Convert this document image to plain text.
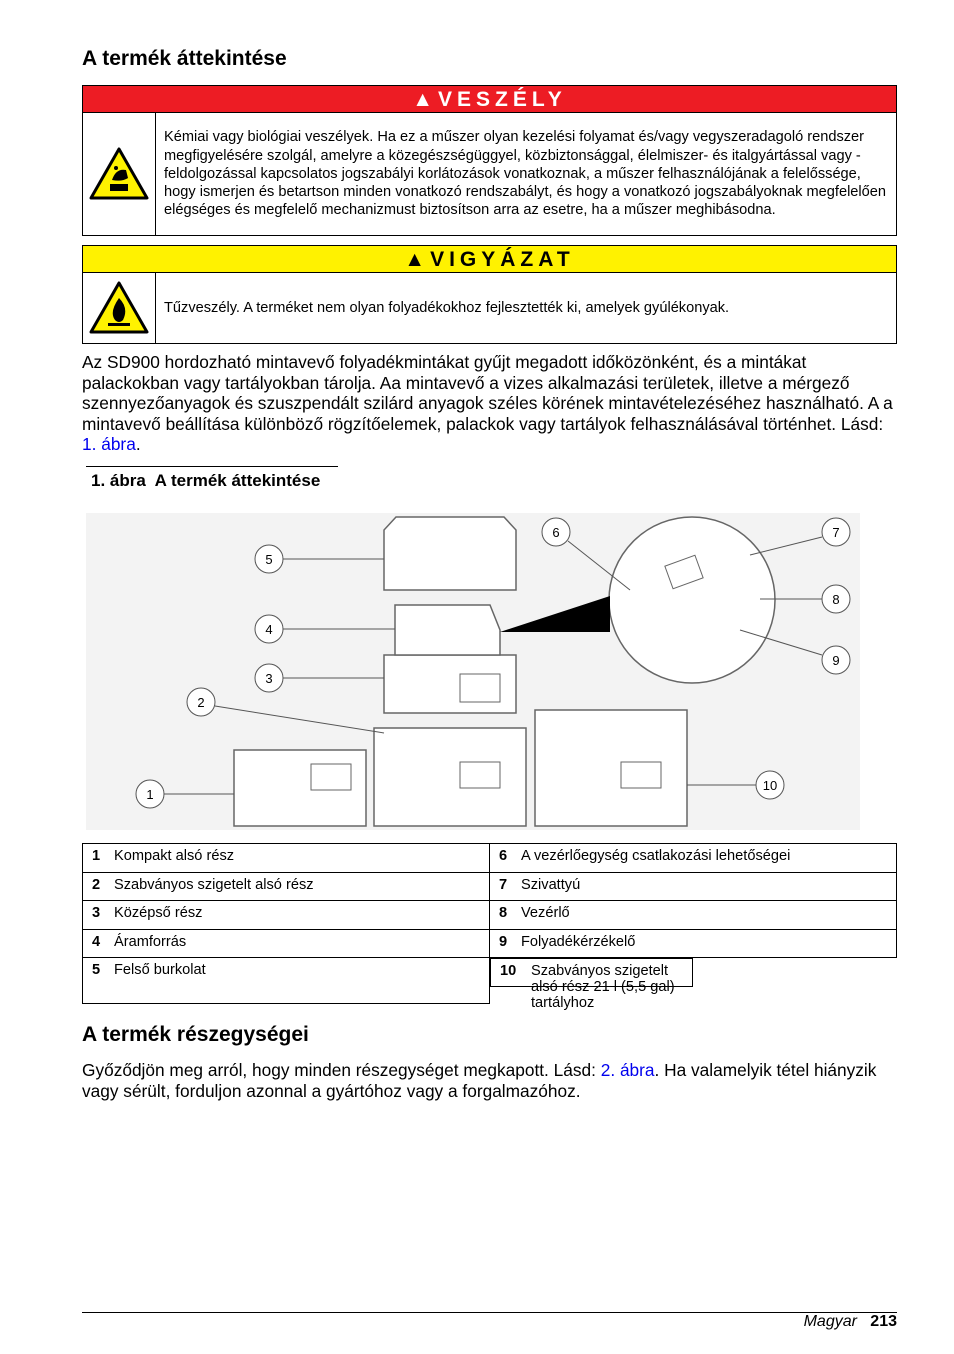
A termék áttekintése
▲VESZÉLY
Kémiai vagy biológiai veszélyek. Ha ez a műszer olyan kezelési folyamat és/vagy vegyszeradagoló rendszer megfigyelésére szolgál, amelyre a közegészségüggyel, közbiztonsággal, élelmiszer- és italgyártással vagy -feldolgozással kapcsolatos jogszabályi korlátozások vonatkoznak, a műszer felhasználójának a felelőssége, hogy ismerjen és betartson minden vonatkozó rendszabályt, és hogy a vonatkozó jogszabályoknak megfelelően elégséges és megfelelő mechanizmust biztosítson arra az esetre, ha a műszer meghibásodna.
▲VIGYÁZAT
Tűzveszély. A terméket nem olyan folyadékokhoz fejlesztették ki, amelyek gyúlékonyak.

Az SD900 hordozható mintavevő folyadékmintákat gyűjt megadott időközönként, és a mintákat palackokban vagy tartályokban tárolja. Aa mintavevő a vizes alkalmazási területek, illetve a mérgező szennyezőanyagok és szuszpendált szilárd anyagok széles körének mintavételezéséhez használható. A a mintavevő beállítása különböző rögzítőelemek, palackok vagy tartályok felhasználásával történhet. Lásd: 1. ábra.

1. ábra  A termék áttekintése
5
4
3
2
1
6	7
8
9
10
1 Kompakt alsó rész	6 A vezérlőegység csatlakozási lehetőségei
2 Szabványos szigetelt alsó rész	7 Szivattyú
3 Középső rész	8 Vezérlő
4 Áramforrás	9 Folyadékérzékelő
5 Felső burkolat		10	Szabványos szigetelt alsó rész 21 l (5,5 gal) tartályhoz
A termék részegységei

Győződjön meg arról, hogy minden részegységet megkapott. Lásd: 2. ábra. Ha valamelyik tétel hiányzik vagy sérült, forduljon azonnal a gyártóhoz vagy a forgalmazóhoz.

Magyar 213
